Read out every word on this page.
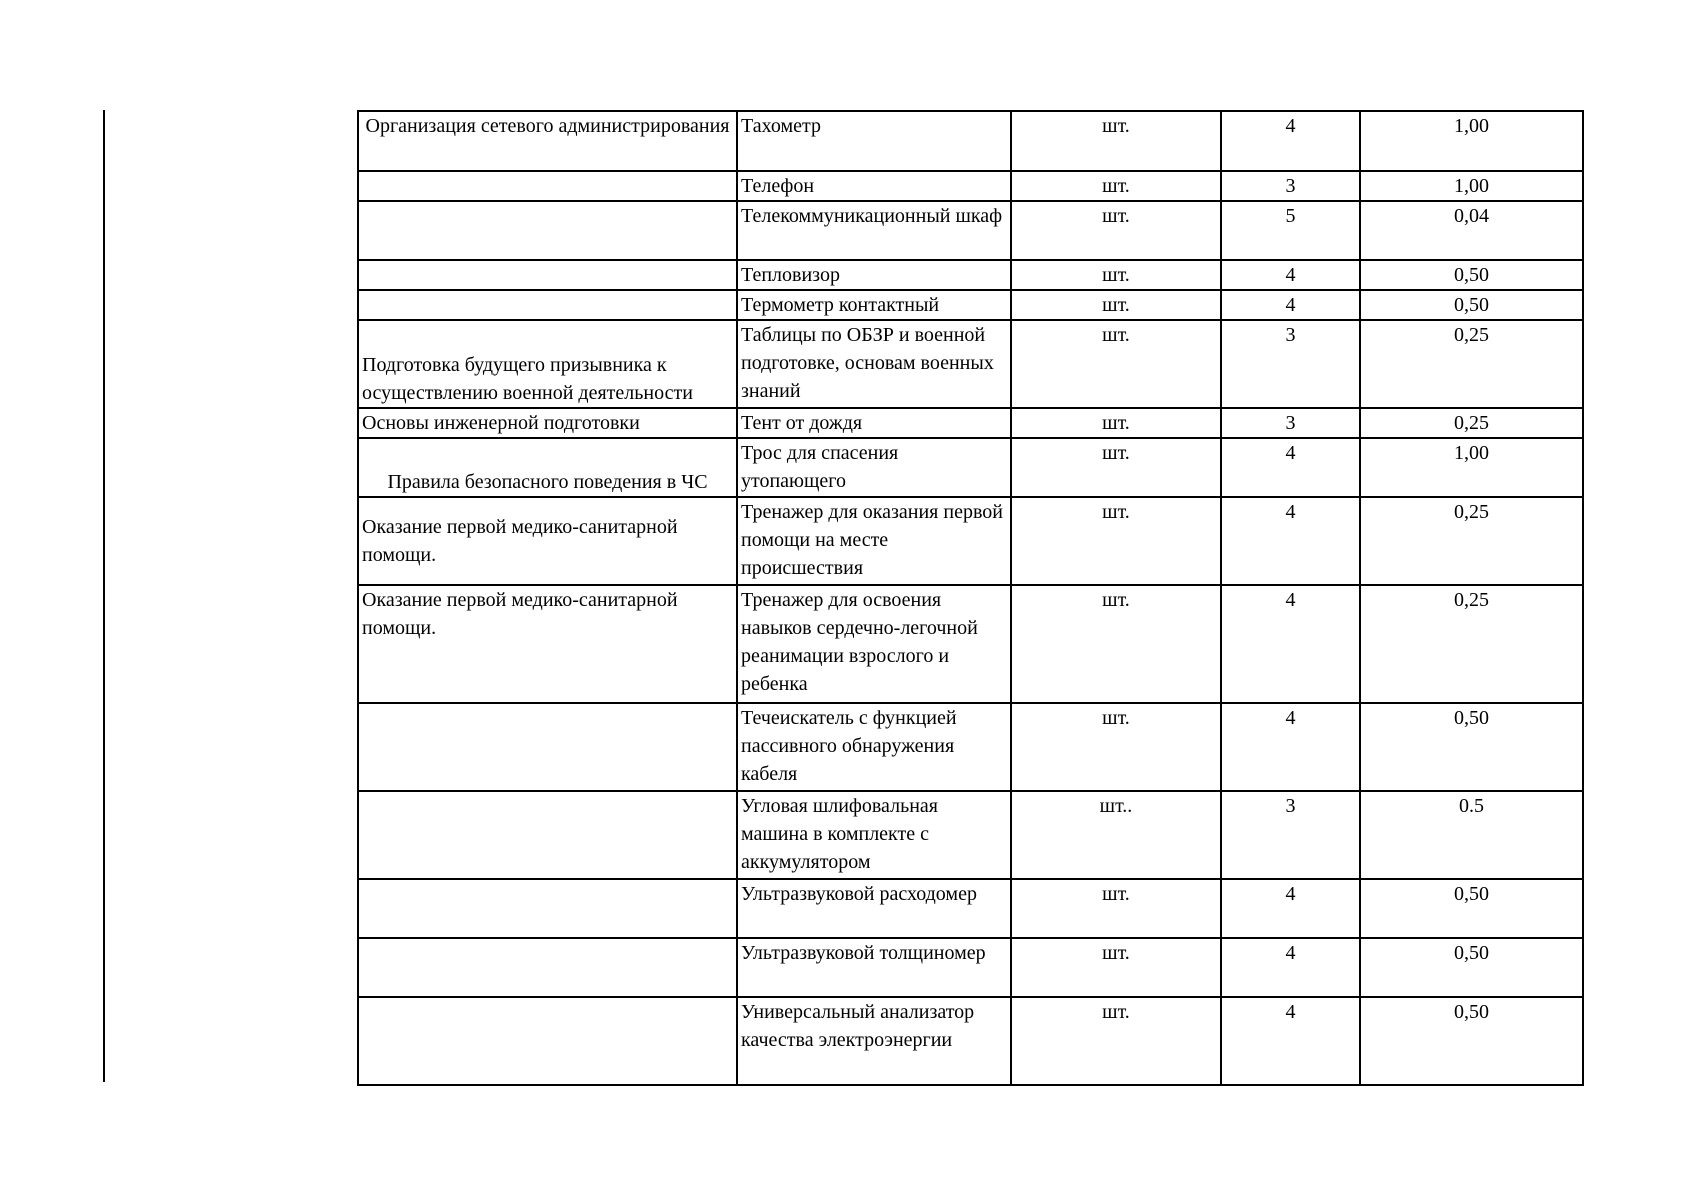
Организация сетевого администрирования	Тахометр	шт.	4	1,00
	Телефон	шт.	3	1,00
	Телекоммуникационный шкаф	шт.	5	0,04
	Тепловизор	шт.	4	0,50
	Термометр контактный	шт.	4	0,50
Подготовка будущего призывника к осуществлению военной деятельности	Таблицы по ОБЗР и военной подготовке, основам военных знаний	шт.	3	0,25
Основы инженерной подготовки	Тент от дождя	шт.	3	0,25
Правила безопасного поведения в ЧС	Трос для спасения утопающего	шт.	4	1,00
Оказание первой медико-санитарной помощи.	Тренажер для оказания первой помощи на месте происшествия	шт.	4	0,25
Оказание первой медико-санитарной помощи.	Тренажер для освоения навыков сердечно-легочной реанимации взрослого и ребенка	шт.	4	0,25
	Течеискатель с функцией пассивного обнаружения кабеля	шт.	4	0,50
	Угловая шлифовальная машина в комплекте с аккумулятором	шт..	3	0.5
	Ультразвуковой расходомер	шт.	4	0,50
	Ультразвуковой толщиномер	шт.	4	0,50
	Универсальный анализатор качества электроэнергии	шт.	4	0,50
